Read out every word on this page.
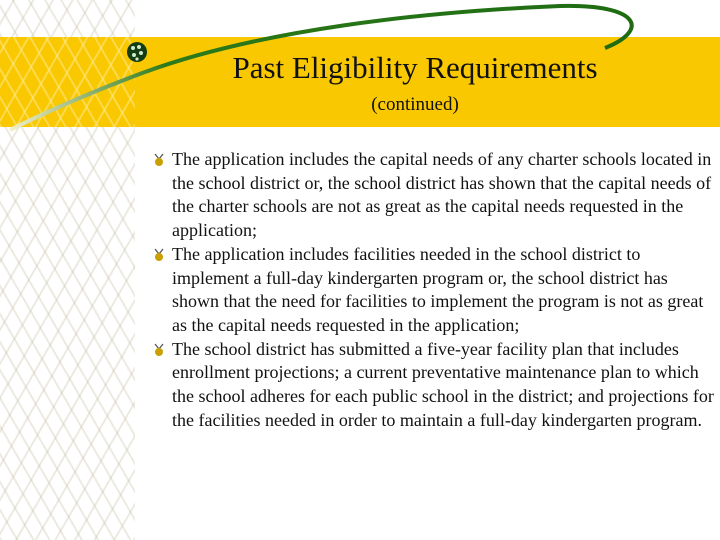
Past Eligibility Requirements
(continued)
The application includes the capital needs of any charter schools located in the school district or, the school district has shown that the capital needs of the charter schools are not as great as the capital needs requested in the application;
The application includes facilities needed in the school district to implement a full-day kindergarten program or, the school district has shown that the need for facilities to implement the program is not as great as the capital needs requested in the application;
The school district has submitted a five-year facility plan that includes enrollment projections; a current preventative maintenance plan to which the school adheres for each public school in the district; and projections for the facilities needed in order to maintain a full-day kindergarten program.
